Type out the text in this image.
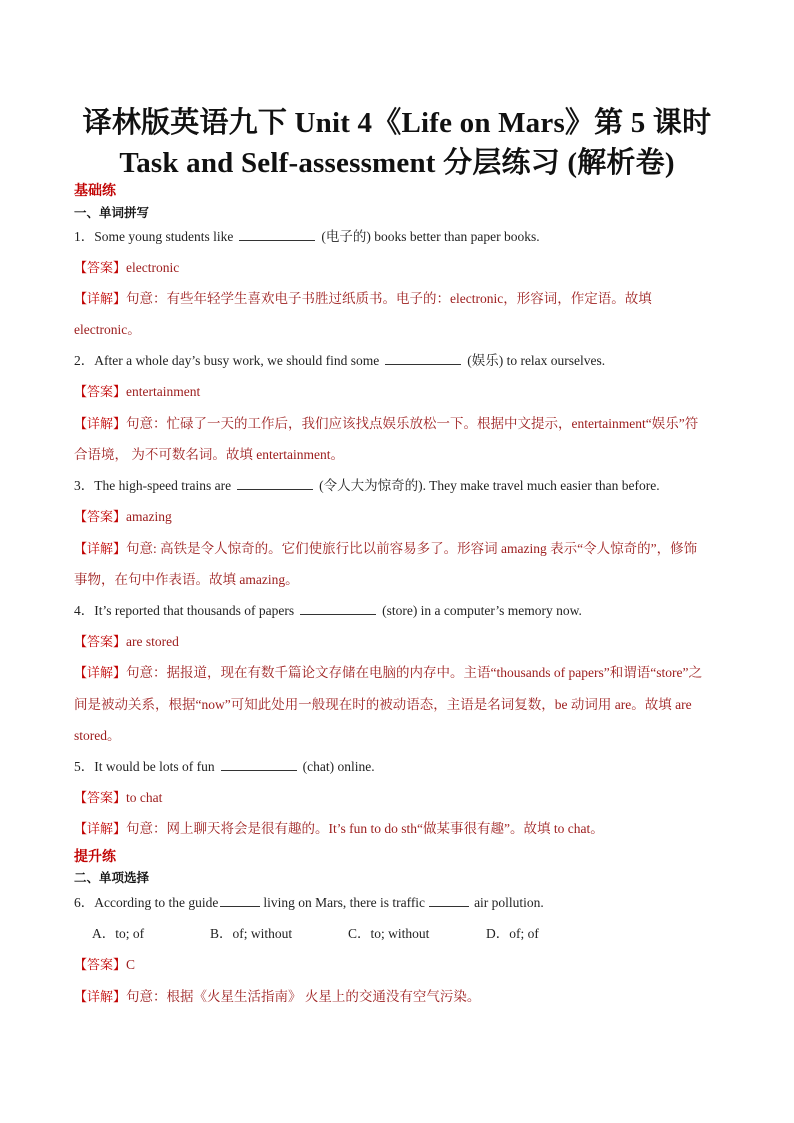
译林版英语九下 Unit 4《Life on Mars》第 5 课时
Task and Self-assessment 分层练习 (解析卷)
基础练
一、单词拼写
1．Some young students like	(电子的) books better than paper books.
【答案】electronic
【详解】句意：有些年轻学生喜欢电子书胜过纸质书。电子的：electronic，形容词，作定语。故填
electronic。
2．After a whole day’s busy work, we should find some	(娱乐) to relax ourselves.
【答案】entertainment
【详解】句意：忙碌了一天的工作后，我们应该找点娱乐放松一下。根据中文提示，entertainment“娱乐”符
合语境， 为不可数名词。故填 entertainment。
3．The high-speed trains are	(令人大为惊奇的). They make travel much easier than before.
【答案】amazing
【详解】句意: 高铁是令人惊奇的。它们使旅行比以前容易多了。形容词 amazing 表示“令人惊奇的”，修饰
事物，在句中作表语。故填 amazing。
4．It’s reported that thousands of papers	(store) in a computer’s memory now.
【答案】are stored
【详解】句意：据报道，现在有数千篇论文存储在电脑的内存中。主语“thousands of papers”和谓语“store”之
间是被动关系，根据“now”可知此处用一般现在时的被动语态，主语是名词复数，be 动词用 are。故填 are
stored。
5．It would be lots of fun	(chat) online.
【答案】to chat
【详解】句意：网上聊天将会是很有趣的。It’s fun to do sth“做某事很有趣”。故填 to chat。
提升练
二、单项选择
6．According to the guide	living on Mars, there is traffic	air pollution.
A．to; of	B．of; without	C．to; without	D．of; of
【答案】C
【详解】句意：根据《火星生活指南》 火星上的交通没有空气污染。
